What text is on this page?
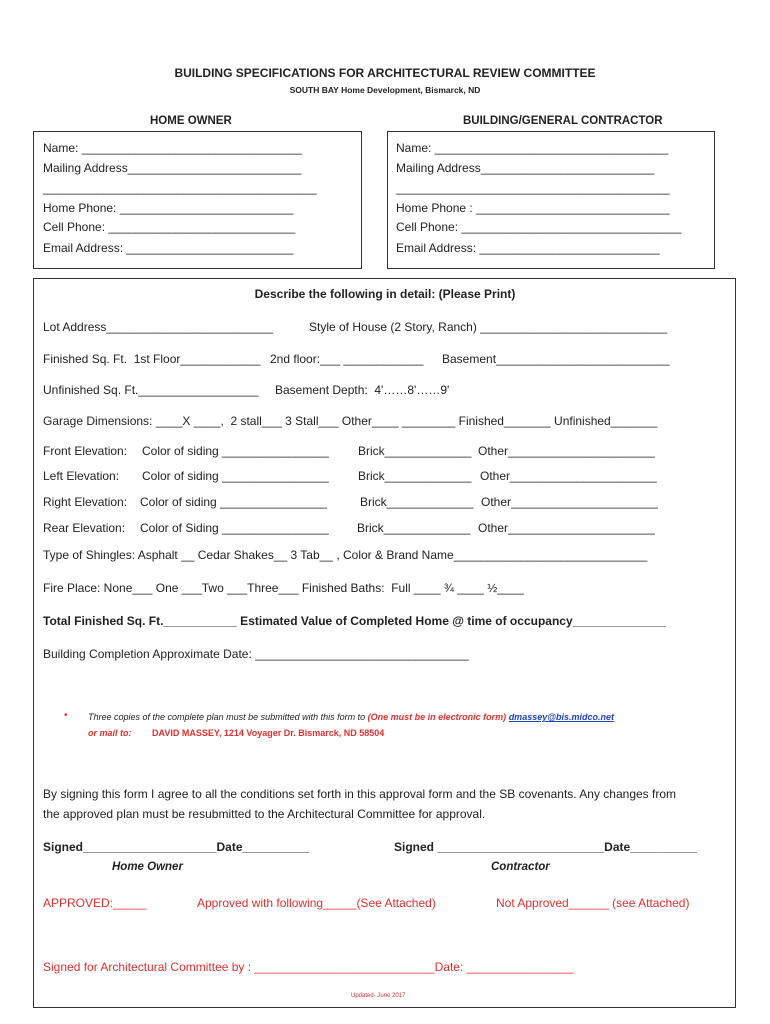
BUILDING SPECIFICATIONS FOR ARCHITECTURAL REVIEW COMMITTEE
SOUTH BAY Home Development, Bismarck, ND
HOME OWNER	BUILDING/GENERAL CONTRACTOR
Name: _________________________________
Mailing Address__________________________
_________________________________________
Home Phone: __________________________
Cell Phone: ____________________________
Email Address: _________________________
Name: ___________________________________
Mailing Address__________________________
_________________________________________
Home Phone : _____________________________
Cell Phone: _________________________________
Email Address: ___________________________
Describe the following in detail: (Please Print)
Lot Address_________________________	Style of House (2 Story, Ranch) ____________________________
Finished Sq. Ft.  1st Floor____________ 2nd floor:___ ____________ Basement__________________________
Unfinished Sq. Ft.__________________ Basement Depth:  4'……8'……9'
Garage Dimensions: ____X ____,  2 stall___ 3 Stall___ Other____ ________ Finished_______ Unfinished_______
Front Elevation: Color of siding ________________ Brick_____________ Other______________________
Left Elevation: Color of siding ________________ Brick_____________ Other______________________
Right Elevation: Color of siding ________________	Brick_____________ Other______________________
Rear Elevation: Color of Siding ________________ Brick_____________ Other______________________
Type of Shingles: Asphalt __ Cedar Shakes__ 3 Tab__ , Color & Brand Name_____________________________
Fire Place: None___ One ___Two ___Three___ Finished Baths:  Full ____ ¾ ____ ½____
Total Finished Sq. Ft.___________ Estimated Value of Completed Home @ time of occupancy______________
Building Completion Approximate Date: ________________________________
• Three copies of the complete plan must be submitted with this form to (One must be in electronic form) dmassey@bis.midco.net
or mail to: DAVID MASSEY, 1214 Voyager Dr. Bismarck, ND 58504
By signing this form I agree to all the conditions set forth in this approval form and the SB covenants. Any changes from
the approved plan must be resubmitted to the Architectural Committee for approval.
Signed____________________Date__________	Signed _________________________Date__________
Home Owner	Contractor
APPROVED:_____	Approved with following_____(See Attached)	Not Approved______ (see Attached)
Signed for Architectural Committee by : ___________________________Date: ________________
Updated- June 2017
